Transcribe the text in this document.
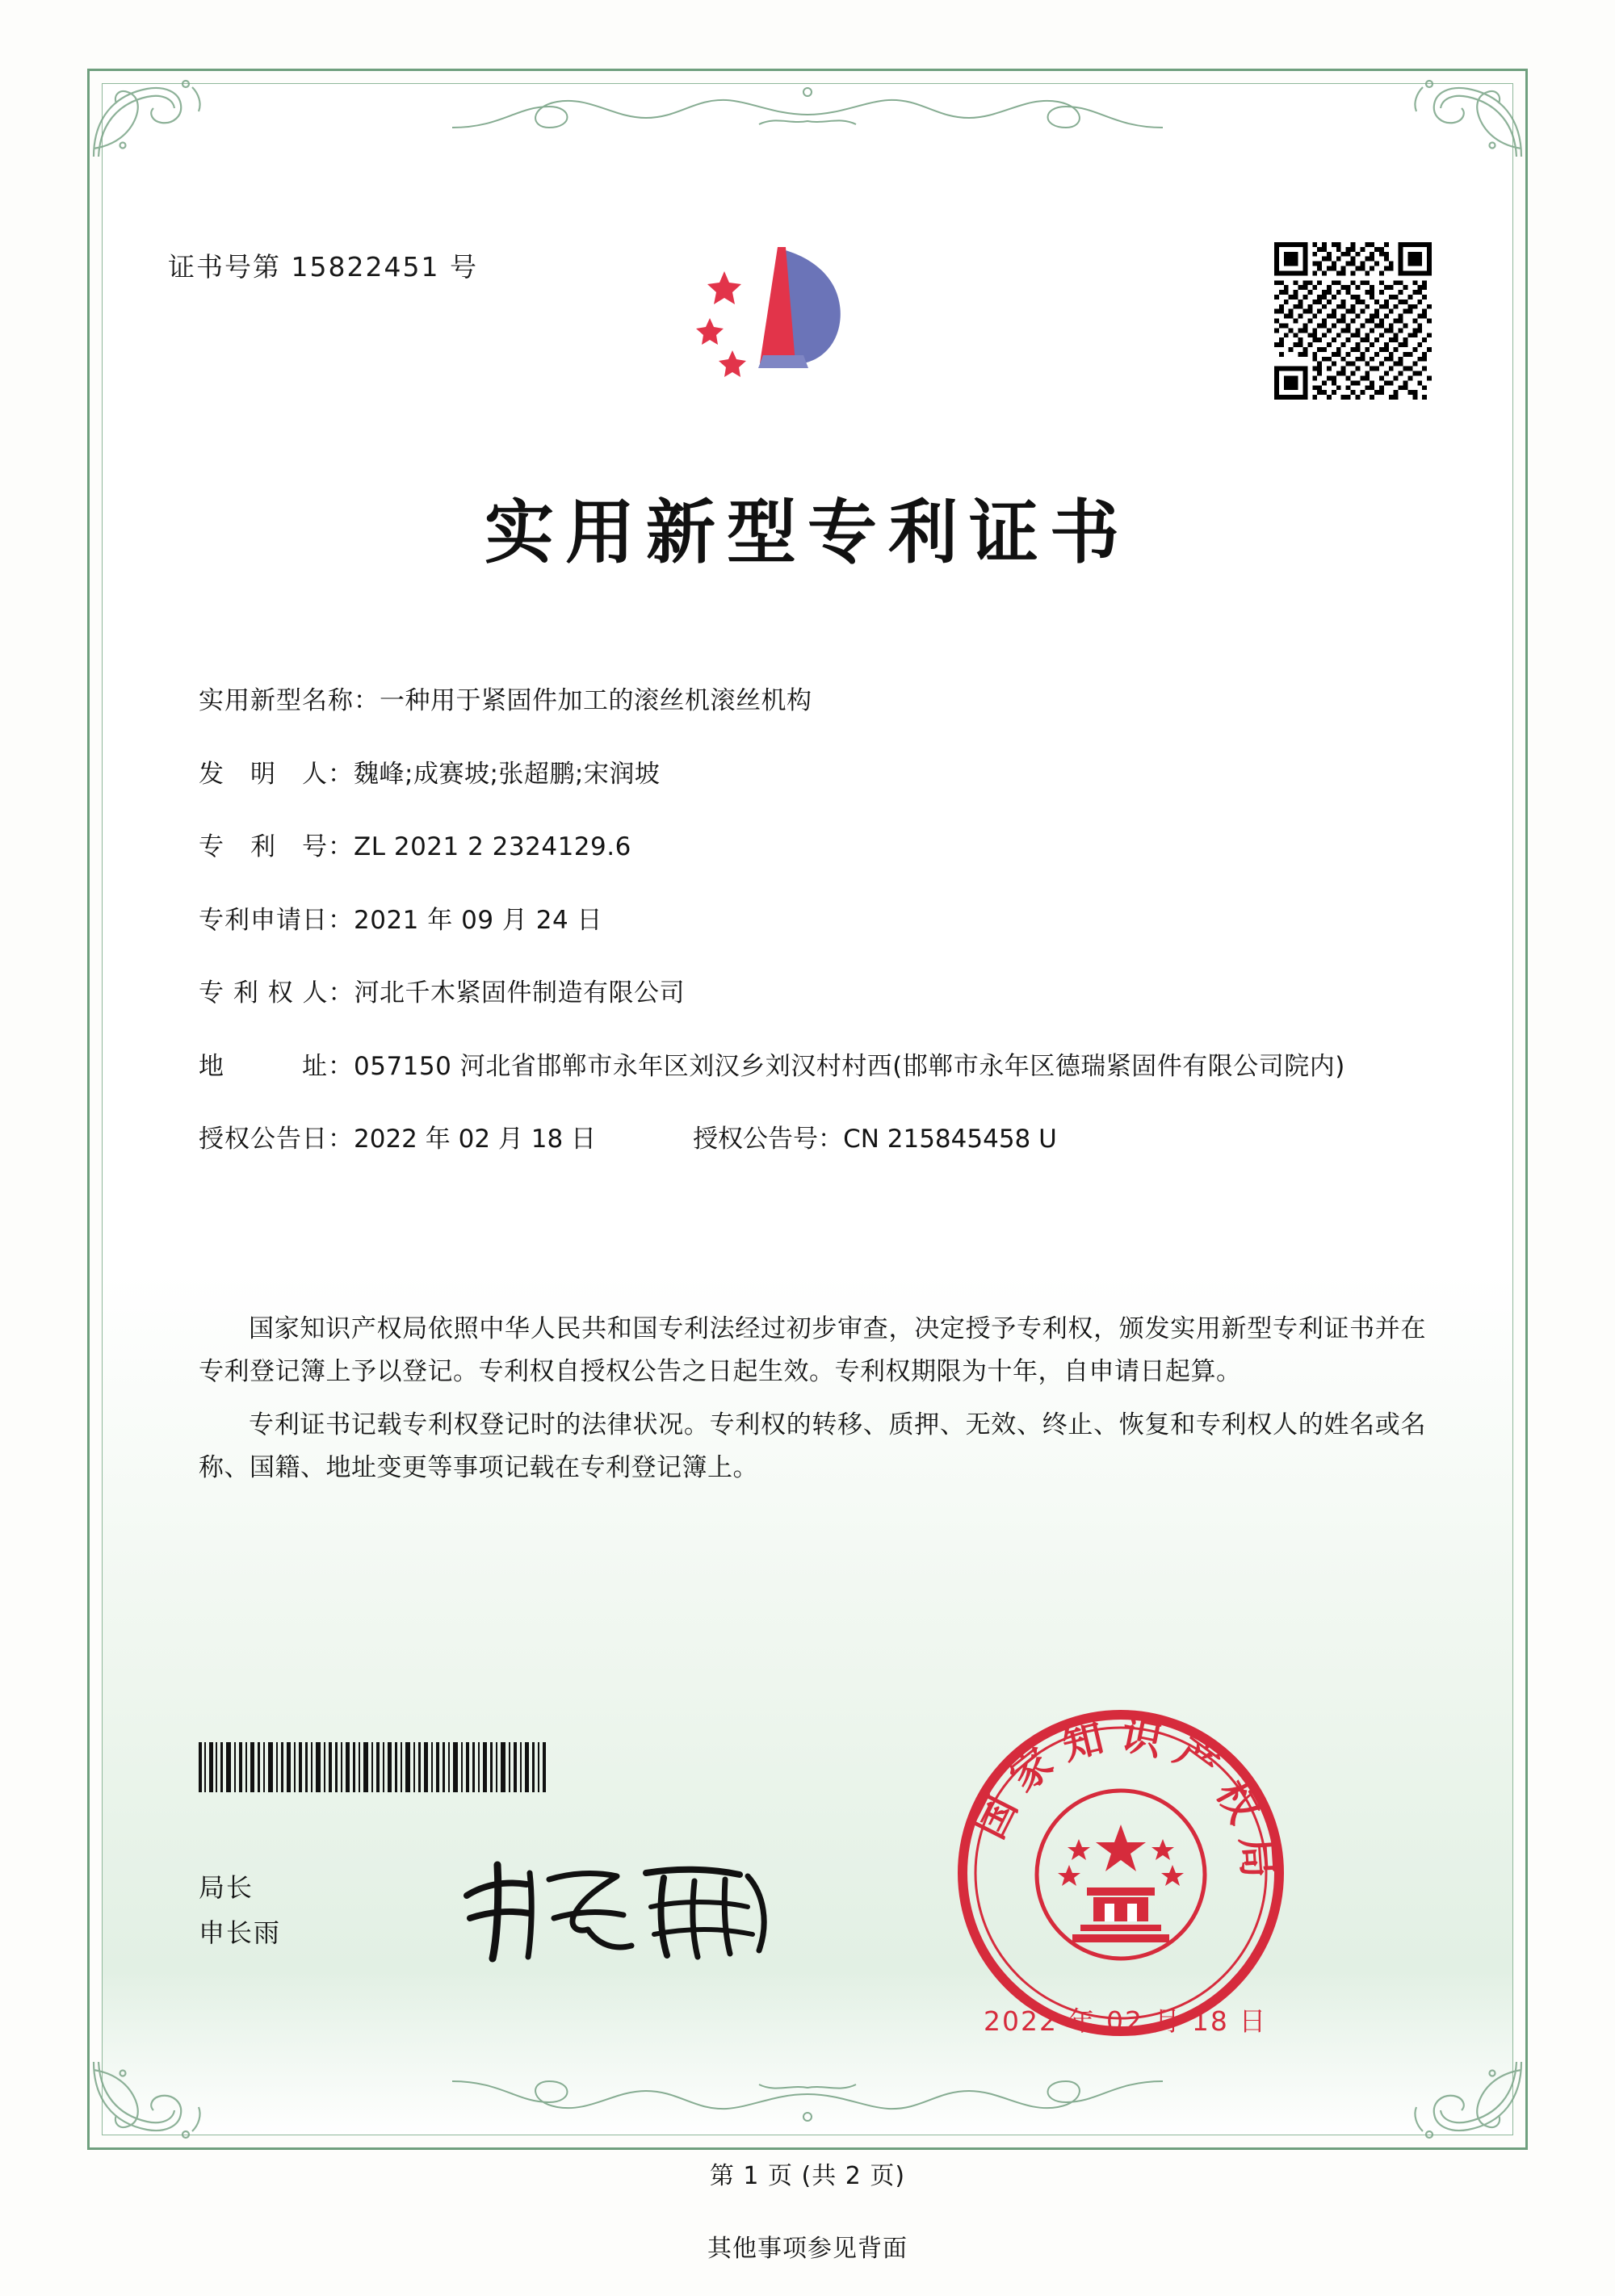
证书号第 15822451 号
实用新型专利证书
实用新型名称： 一种用于紧固件加工的滚丝机滚丝机构
发　明　人： 魏峰;成赛坡;张超鹏;宋润坡
专　利　号： ZL 2021 2 2324129.6
专利申请日： 2021 年 09 月 24 日
专 利 权 人： 河北千木紧固件制造有限公司
地　　　址： 057150 河北省邯郸市永年区刘汉乡刘汉村村西(邯郸市永年区德瑞紧固件有限公司院内)
授权公告日： 2022 年 02 月 18 日	授权公告号： CN 215845458 U

国家知识产权局依照中华人民共和国专利法经过初步审查，决定授予专利权，颁发实用新型专利证书并在专利登记簿上予以登记。专利权自授权公告之日起生效。专利权期限为十年，自申请日起算。

专利证书记载专利权登记时的法律状况。专利权的转移、质押、无效、终止、恢复和专利权人的姓名或名称、国籍、地址变更等事项记载在专利登记簿上。

局长
申长雨
国家知识产权局
2022 年 02 月 18 日
第 1 页 (共 2 页)
其他事项参见背面
